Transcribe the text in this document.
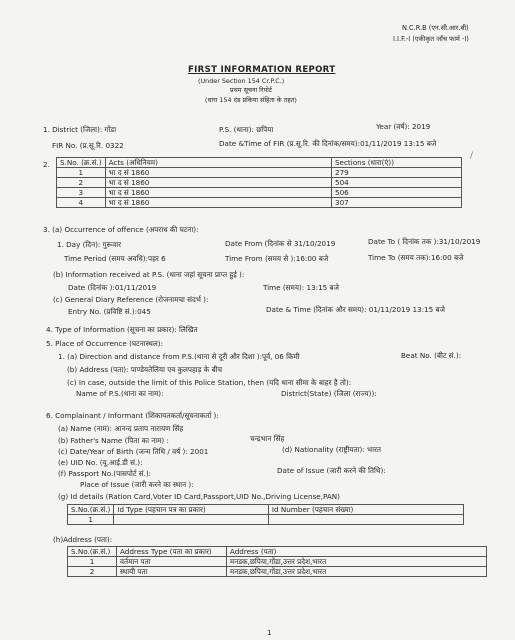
N.C.R.B (एन.सी.आर.बी)
I.I.F.-I (एकीकृत जाँच फार्म -I)
FIRST INFORMATION REPORT
(Under Section 154 Cr.P.C.)
प्रथम सूचना रिपोर्ट
(धारा 154 दंड प्रकिया संहिता के तहत)
1. District (जिला): गोंडा	P.S. (थाना): छपिया	Year (वर्ष): 2019
FIR No. (प्र.सू.रि. 0322	Date &Time of FIR (प्र.सू.रि. की दिनांक/समय):01/11/2019 13:15 बजे
2. S.No. (क्र.सं.)	Acts (अधिनियम)	Sections (धारा(एं))
1	भा द सं 1860	279
2	भा द सं 1860	504
3	भा द सं 1860	506
4	भा द सं 1860	307
3. (a) Occurrence of offence (अपराध की घटना):
1. Day (दिन): गुरूवार	Date From (दिनांक से 31/10/2019	Date To ( दिनांक तक ):31/10/2019
Time Period (समय अवधि):पहर 6	Time From (समय से ):16:00 बजे	Time To (समय तक):16:00 बजे
(b) Information received at P.S. (थाना जहां सूचना प्राप्त हुई ):
Date (दिनांक ):01/11/2019	Time (समय): 13:15 बजे
(c) General Diary Reference (रोजनामचा संदर्भ ):
Entry No. (प्रविष्टि सं.):045	Date & Time (दिनांक और समय): 01/11/2019 13:15 बजे
4. Type of Information (सूचना का प्रकार): लिखित
5. Place of Occurrence (घटनास्थल):
1. (a) Direction and distance from P.S.(थाना से दूरी और दिशा ):पूर्व, 06 किमी	Beat No. (बीट सं.):
(b) Address (पता): पाण्डेयतेलिया एव कुलपहाड़ के बीच
(c) In case, outside the limit of this Police Station, then (यदि थाना सीमा के बाहर है तो):
Name of P.S.(थाना का नाम):	District(State) (जिला (राज्य)):
6. Complainant / Informant (शिकायतकर्ता/सूचनाकर्ता ):
(a) Name (नाम): आनन्द प्रताप नारायण सिंह
(b) Father's Name (पिता का नाम) :	चन्द्रभान सिंह
(c) Date/Year of Birth (जन्म तिथि / वर्ष ): 2001	(d) Nationality (राष्ट्रीयता): भारत
(e) UID No. (यू.आई.डी सं.):
(f) Passport No.(पासपोर्ट सं.):	Date of Issue (जारी करने की तिथि):
Place of Issue (जारी करने का स्थान ):
(g) Id details (Ration Card,Voter ID Card,Passport,UID No.,Driving License,PAN)
S.No.(क्र.सं.)	Id Type (पहचान पत्र का प्रकार)	Id Number (पहचान संख्या)
1		
(h)Address (पता):
S.No.(क्र.सं.)	Address Type (पता का प्रकार)	Address (पता)
1	वर्तमान पता	मनडक,छपिया,गोंडा,उत्तर प्रदेश,भारत
2	स्थायी पता	मनडक,छपिया,गोंडा,उत्तर प्रदेश,भारत
1
/
